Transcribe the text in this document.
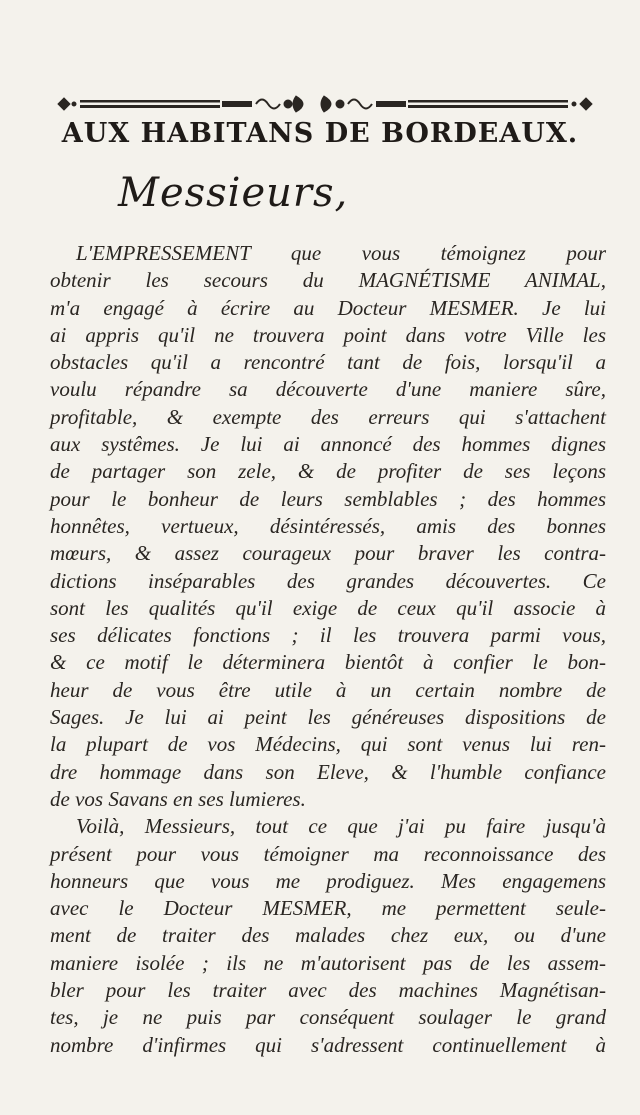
AUX HABITANS DE BORDEAUX.
Messieurs,
L'EMPRESSEMENT que vous témoignez pour
obtenir les secours du MAGNÉTISME ANIMAL,
m'a engagé à écrire au Docteur MESMER. Je lui
ai appris qu'il ne trouvera point dans votre Ville les
obstacles qu'il a rencontré tant de fois, lorsqu'il a
voulu répandre sa découverte d'une maniere sûre,
profitable, & exempte des erreurs qui s'attachent
aux systêmes. Je lui ai annoncé des hommes dignes
de partager son zele, & de profiter de ses leçons
pour le bonheur de leurs semblables ; des hommes
honnêtes, vertueux, désintéressés, amis des bonnes
mœurs, & assez courageux pour braver les contra-
dictions inséparables des grandes découvertes. Ce
sont les qualités qu'il exige de ceux qu'il associe à
ses délicates fonctions ; il les trouvera parmi vous,
& ce motif le déterminera bientôt à confier le bon-
heur de vous être utile à un certain nombre de
Sages. Je lui ai peint les généreuses dispositions de
la plupart de vos Médecins, qui sont venus lui ren-
dre hommage dans son Eleve, & l'humble confiance
de vos Savans en ses lumieres.
Voilà, Messieurs, tout ce que j'ai pu faire jusqu'à
présent pour vous témoigner ma reconnoissance des
honneurs que vous me prodiguez. Mes engagemens
avec le Docteur MESMER, me permettent seule-
ment de traiter des malades chez eux, ou d'une
maniere isolée ; ils ne m'autorisent pas de les assem-
bler pour les traiter avec des machines Magnétisan-
tes, je ne puis par conséquent soulager le grand
nombre d'infirmes qui s'adressent continuellement à
